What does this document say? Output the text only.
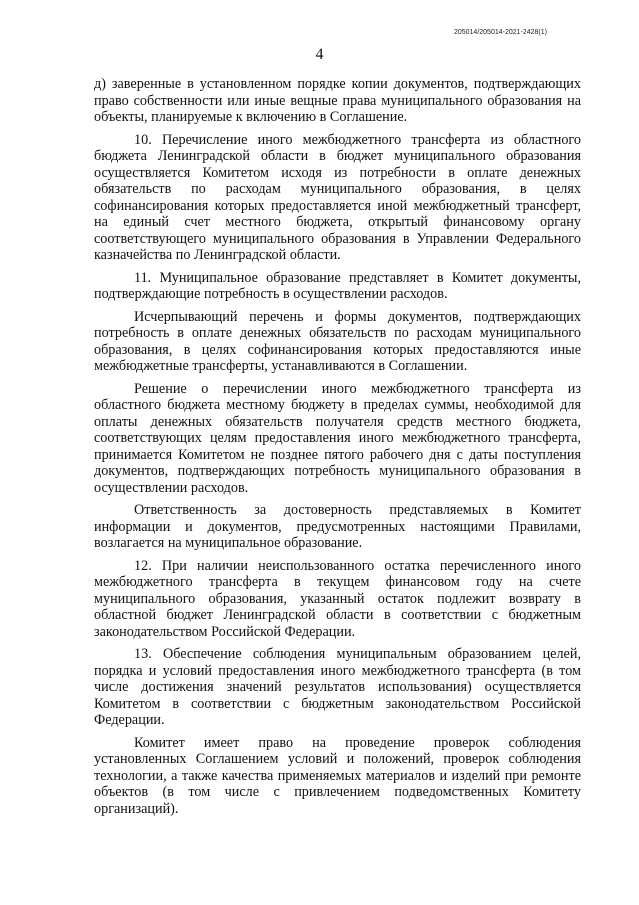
205014/205014-2021-2428(1)
4

д) заверенные в установленном порядке копии документов, подтверждающих право собственности или иные вещные права муниципального образования на объекты, планируемые к включению в Соглашение.

10. Перечисление иного межбюджетного трансферта из областного бюджета Ленинградской области в бюджет муниципального образования осуществляется Комитетом исходя из потребности в оплате денежных обязательств по расходам муниципального образования, в целях софинансирования которых предоставляется иной межбюджетный трансферт, на единый счет местного бюджета, открытый финансовому органу соответствующего муниципального образования в Управлении Федерального казначейства по Ленинградской области.

11. Муниципальное образование представляет в Комитет документы, подтверждающие потребность в осуществлении расходов.

Исчерпывающий перечень и формы документов, подтверждающих потребность в оплате денежных обязательств по расходам муниципального образования, в целях софинансирования которых предоставляются иные межбюджетные трансферты, устанавливаются в Соглашении.

Решение о перечислении иного межбюджетного трансферта из областного бюджета местному бюджету в пределах суммы, необходимой для оплаты денежных обязательств получателя средств местного бюджета, соответствующих целям предоставления иного межбюджетного трансферта, принимается Комитетом не позднее пятого рабочего дня с даты поступления документов, подтверждающих потребность муниципального образования в осуществлении расходов.

Ответственность за достоверность представляемых в Комитет информации и документов, предусмотренных настоящими Правилами, возлагается на муниципальное образование.

12. При наличии неиспользованного остатка перечисленного иного межбюджетного трансферта в текущем финансовом году на счете муниципального образования, указанный остаток подлежит возврату в областной бюджет Ленинградской области в соответствии с бюджетным законодательством Российской Федерации.

13. Обеспечение соблюдения муниципальным образованием целей, порядка и условий предоставления иного межбюджетного трансферта (в том числе достижения значений результатов использования) осуществляется Комитетом в соответствии с бюджетным законодательством Российской Федерации.

Комитет имеет право на проведение проверок соблюдения установленных Соглашением условий и положений, проверок соблюдения технологии, а также качества применяемых материалов и изделий при ремонте объектов (в том числе с привлечением подведомственных Комитету организаций).
